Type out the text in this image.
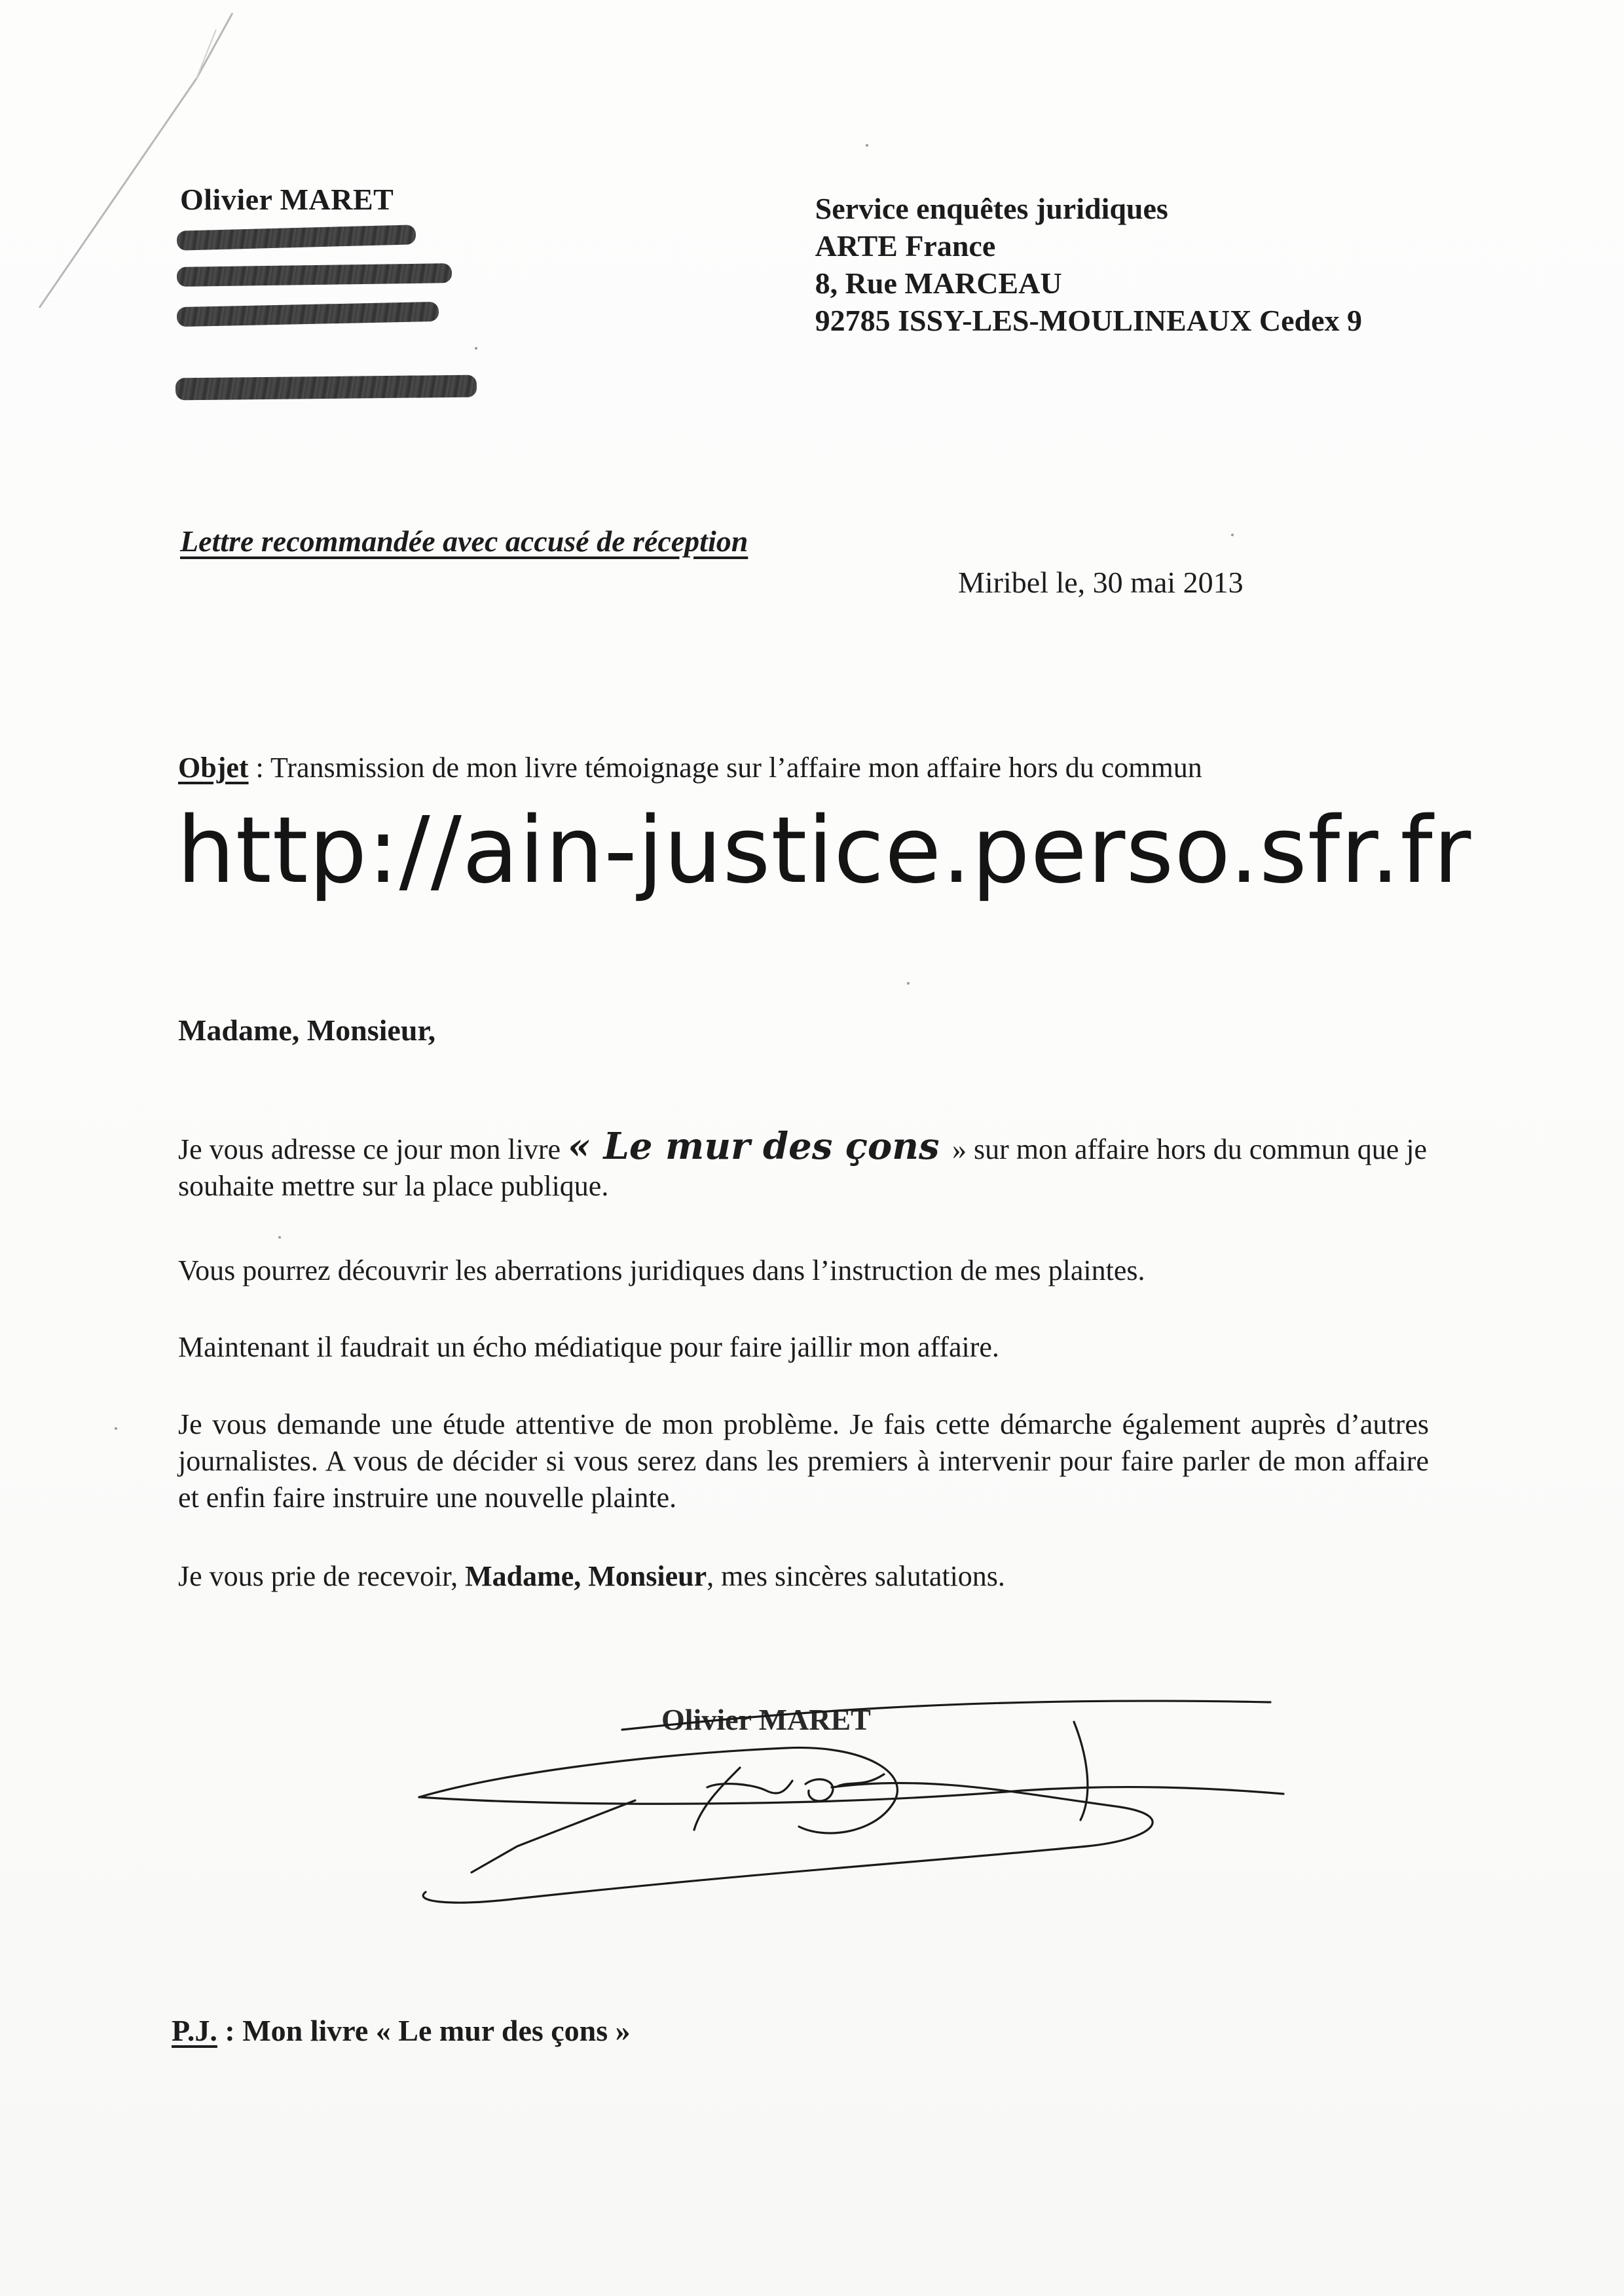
Olivier MARET	Service enquêtes juridiques
ARTE France
8, Rue MARCEAU
92785 ISSY-LES-MOULINEAUX Cedex 9
Lettre recommandée avec accusé de réception
Miribel le, 30 mai 2013
Objet : Transmission de mon livre témoignage sur l’affaire mon affaire hors du commun
http://ain-justice.perso.sfr.fr
Madame, Monsieur,
Je vous adresse ce jour mon livre « Le mur des çons » sur mon affaire hors du commun que je souhaite mettre sur la place publique.
Vous pourrez découvrir les aberrations juridiques dans l’instruction de mes plaintes.
Maintenant il faudrait un écho médiatique pour faire jaillir mon affaire.
Je vous demande une étude attentive de mon problème. Je fais cette démarche également auprès d’autres journalistes. A vous de décider si vous serez dans les premiers à intervenir pour faire parler de mon affaire et enfin faire instruire une nouvelle plainte.
Je vous prie de recevoir, Madame, Monsieur, mes sincères salutations.
Olivier MARET
P.J. : Mon livre « Le mur des çons »
